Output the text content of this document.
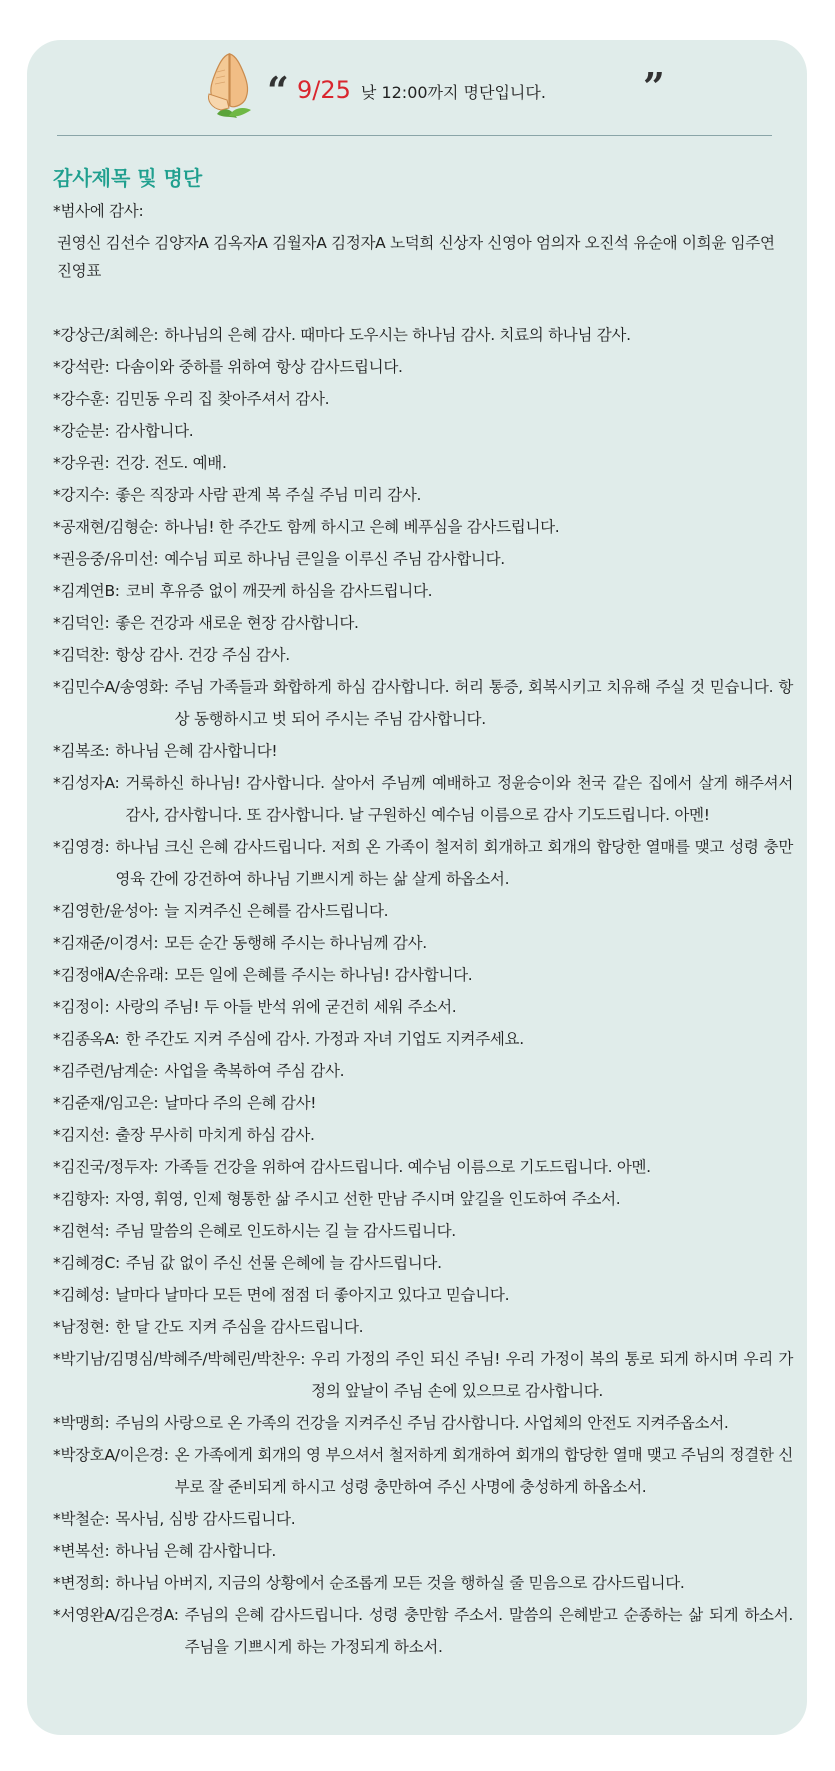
“ 9/25 낮 12:00까지 명단입니다.	”
감사제목 및 명단
*범사에 감사:
권영신 김선수 김양자A 김옥자A 김월자A 김정자A 노덕희 신상자 신영아 엄의자 오진석 유순애 이희윤 임주연 진영표
*강상근/최혜은: 하나님의 은혜 감사. 때마다 도우시는 하나님 감사. 치료의 하나님 감사.
*강석란: 다솜이와 중하를 위하여 항상 감사드립니다.
*강수훈: 김민동 우리 집 찾아주셔서 감사.
*강순분: 감사합니다.
*강우권: 건강. 전도. 예배.
*강지수: 좋은 직장과 사람 관계 복 주실 주님 미리 감사.
*공재현/김형순: 하나님! 한 주간도 함께 하시고 은혜 베푸심을 감사드립니다.
*권응중/유미선: 예수님 피로 하나님 큰일을 이루신 주님 감사합니다.
*김계연B: 코비 후유증 없이 깨끗케 하심을 감사드립니다.
*김덕인: 좋은 건강과 새로운 현장 감사합니다.
*김덕찬: 항상 감사. 건강 주심 감사.
*김민수A/송영화: 주님 가족들과 화합하게 하심 감사합니다. 허리 통증, 회복시키고 치유해 주실 것 믿습니다. 항상 동행하시고 벗 되어 주시는 주님 감사합니다.
*김복조: 하나님 은혜 감사합니다!
*김성자A: 거룩하신 하나님! 감사합니다. 살아서 주님께 예배하고 정윤승이와 천국 같은 집에서 살게 해주셔서 감사, 감사합니다. 또 감사합니다. 날 구원하신 예수님 이름으로 감사 기도드립니다. 아멘!
*김영경: 하나님 크신 은혜 감사드립니다. 저희 온 가족이 철저히 회개하고 회개의 합당한 열매를 맺고 성령 충만 영육 간에 강건하여 하나님 기쁘시게 하는 삶 살게 하옵소서.
*김영한/윤성아: 늘 지켜주신 은혜를 감사드립니다.
*김재준/이경서: 모든 순간 동행해 주시는 하나님께 감사.
*김정애A/손유래: 모든 일에 은혜를 주시는 하나님! 감사합니다.
*김정이: 사랑의 주님! 두 아들 반석 위에 굳건히 세워 주소서.
*김종옥A: 한 주간도 지켜 주심에 감사. 가정과 자녀 기업도 지켜주세요.
*김주련/남계순: 사업을 축복하여 주심 감사.
*김준재/임고은: 날마다 주의 은혜 감사!
*김지선: 출장 무사히 마치게 하심 감사.
*김진국/정두자: 가족들 건강을 위하여 감사드립니다. 예수님 이름으로 기도드립니다. 아멘.
*김향자: 자영, 휘영, 인제 형통한 삶 주시고 선한 만남 주시며 앞길을 인도하여 주소서.
*김현석: 주님 말씀의 은혜로 인도하시는 길 늘 감사드립니다.
*김혜경C: 주님 값 없이 주신 선물 은혜에 늘 감사드립니다.
*김혜성: 날마다 날마다 모든 면에 점점 더 좋아지고 있다고 믿습니다.
*남정현: 한 달 간도 지켜 주심을 감사드립니다.
*박기남/김명심/박혜주/박혜린/박찬우: 우리 가정의 주인 되신 주님! 우리 가정이 복의 통로 되게 하시며 우리 가정의 앞날이 주님 손에 있으므로 감사합니다.
*박맹희: 주님의 사랑으로 온 가족의 건강을 지켜주신 주님 감사합니다. 사업체의 안전도 지켜주옵소서.
*박장호A/이은경: 온 가족에게 회개의 영 부으셔서 철저하게 회개하여 회개의 합당한 열매 맺고 주님의 정결한 신부로 잘 준비되게 하시고 성령 충만하여 주신 사명에 충성하게 하옵소서.
*박철순: 목사님, 심방 감사드립니다.
*변복선: 하나님 은혜 감사합니다.
*변정희: 하나님 아버지, 지금의 상황에서 순조롭게 모든 것을 행하실 줄 믿음으로 감사드립니다.
*서영완A/김은경A: 주님의 은혜 감사드립니다. 성령 충만함 주소서. 말씀의 은혜받고 순종하는 삶 되게 하소서. 주님을 기쁘시게 하는 가정되게 하소서.
